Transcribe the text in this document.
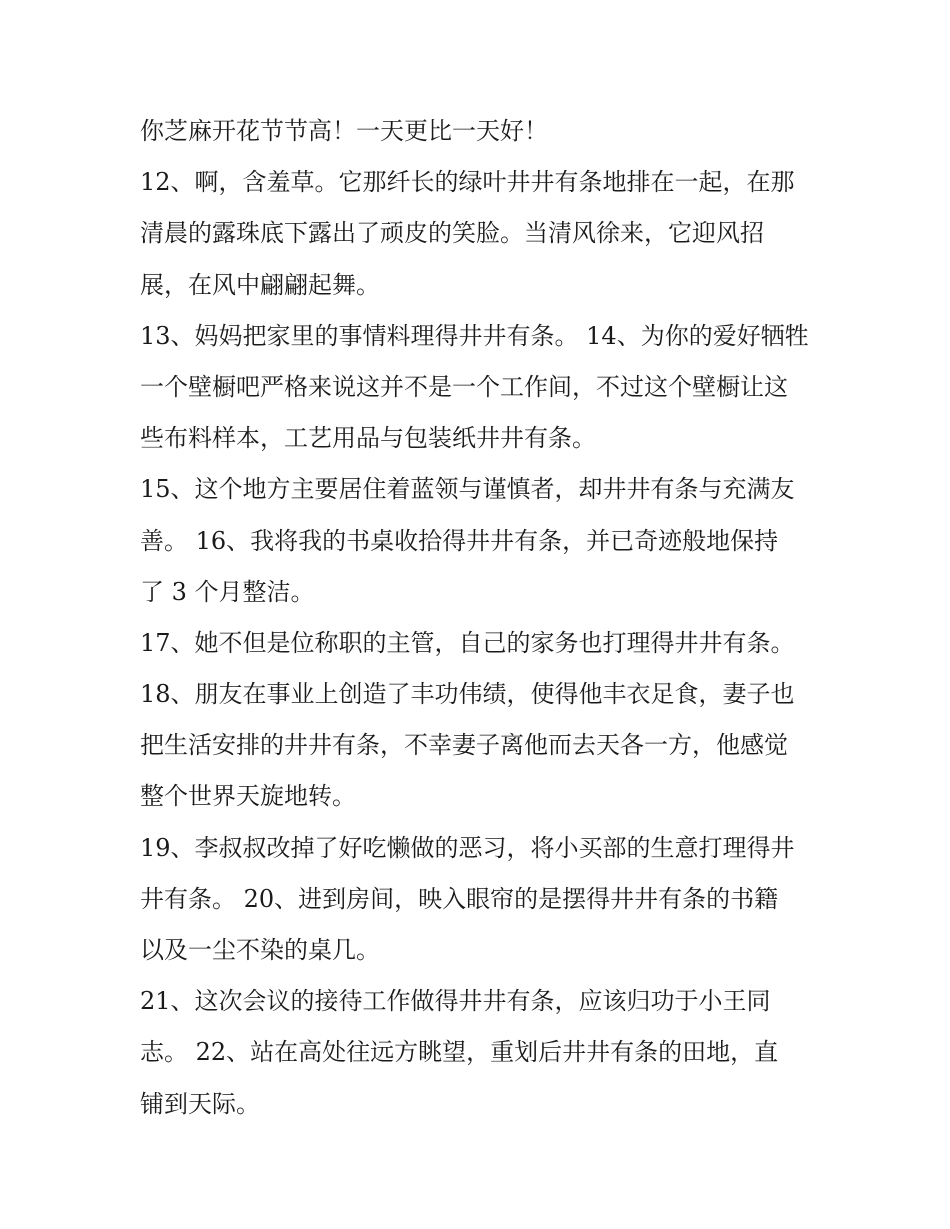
你芝麻开花节节高！一天更比一天好！
12、啊，含羞草。它那纤长的绿叶井井有条地排在一起，在那
清晨的露珠底下露出了顽皮的笑脸。当清风徐来，它迎风招
展，在风中翩翩起舞。
13、妈妈把家里的事情料理得井井有条。 14、为你的爱好牺牲
一个壁橱吧严格来说这并不是一个工作间，不过这个壁橱让这
些布料样本，工艺用品与包装纸井井有条。
15、这个地方主要居住着蓝领与谨慎者，却井井有条与充满友
善。 16、我将我的书桌收拾得井井有条，并已奇迹般地保持
了 3 个月整洁。
17、她不但是位称职的主管，自己的家务也打理得井井有条。
18、朋友在事业上创造了丰功伟绩，使得他丰衣足食，妻子也
把生活安排的井井有条，不幸妻子离他而去天各一方，他感觉
整个世界天旋地转。
19、李叔叔改掉了好吃懒做的恶习，将小买部的生意打理得井
井有条。 20、进到房间，映入眼帘的是摆得井井有条的书籍
以及一尘不染的桌几。
21、这次会议的接待工作做得井井有条，应该归功于小王同
志。 22、站在高处往远方眺望，重划后井井有条的田地，直
铺到天际。
